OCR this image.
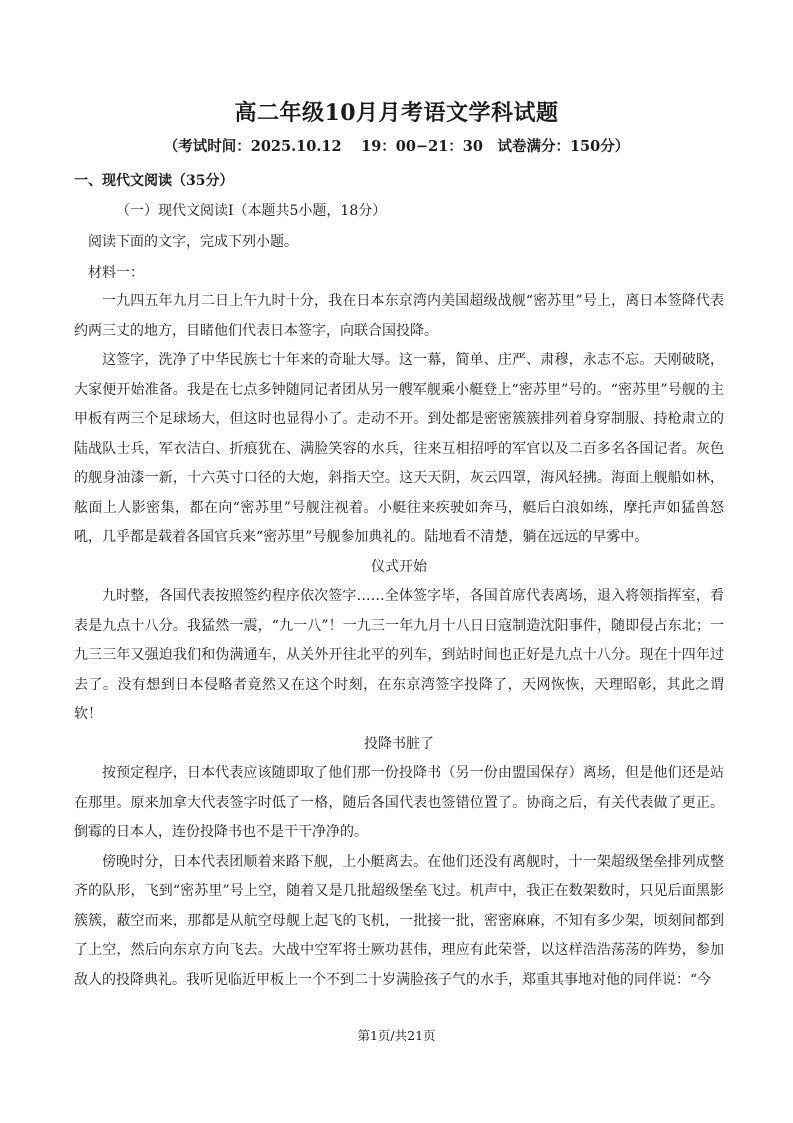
高二年级10月月考语文学科试题
（考试时间：2025.10.12　 19：00−21：30　试卷满分：150分）
一、现代文阅读（35分）
（一）现代文阅读Ⅰ（本题共5小题，18分）
阅读下面的文字，完成下列小题。
材料一：

一九四五年九月二日上午九时十分，我在日本东京湾内美国超级战舰“密苏里”号上，离日本签降代表约两三丈的地方，目睹他们代表日本签字，向联合国投降。

这签字，洗净了中华民族七十年来的奇耻大辱。这一幕，简单、庄严、肃穆，永志不忘。天刚破晓，大家便开始准备。我是在七点多钟随同记者团从另一艘军舰乘小艇登上“密苏里”号的。“密苏里”号舰的主甲板有两三个足球场大，但这时也显得小了。走动不开。到处都是密密簇簇排列着身穿制服、持枪肃立的陆战队士兵，军衣洁白、折痕犹在、满脸笑容的水兵，往来互相招呼的军官以及二百多名各国记者。灰色的舰身油漆一新，十六英寸口径的大炮，斜指天空。这天天阴，灰云四罩，海风轻拂。海面上舰船如林，舷面上人影密集，都在向“密苏里”号舰注视着。小艇往来疾驶如奔马，艇后白浪如练，摩托声如猛兽怒吼，几乎都是载着各国官兵来“密苏里”号舰参加典礼的。陆地看不清楚，躺在远远的早雾中。

仪式开始

九时整，各国代表按照签约程序依次签字……全体签字毕，各国首席代表离场，退入将领指挥室，看表是九点十八分。我猛然一震，“九一八”！一九三一年九月十八日日寇制造沈阳事件，随即侵占东北；一九三三年又强迫我们和伪满通车，从关外开往北平的列车，到站时间也正好是九点十八分。现在十四年过去了。没有想到日本侵略者竟然又在这个时刻，在东京湾签字投降了，天网恢恢，天理昭彰，其此之谓软！

投降书脏了

按预定程序，日本代表应该随即取了他们那一份投降书（另一份由盟国保存）离场，但是他们还是站在那里。原来加拿大代表签字时低了一格，随后各国代表也签错位置了。协商之后，有关代表做了更正。倒霉的日本人，连份投降书也不是干干净净的。

傍晚时分，日本代表团顺着来路下舰，上小艇离去。在他们还没有离舰时，十一架超级堡垒排列成整齐的队形，飞到“密苏里”号上空，随着又是几批超级堡垒飞过。机声中，我正在数架数时，只见后面黑影簇簇，蔽空而来，那都是从航空母舰上起飞的飞机，一批接一批，密密麻麻，不知有多少架，顷刻间都到了上空，然后向东京方向飞去。大战中空军将士厥功甚伟，理应有此荣誉，以这样浩浩荡荡的阵势，参加敌人的投降典礼。我听见临近甲板上一个不到二十岁满脸孩子气的水手，郑重其事地对他的同伴说：“今

第1页/共21页
